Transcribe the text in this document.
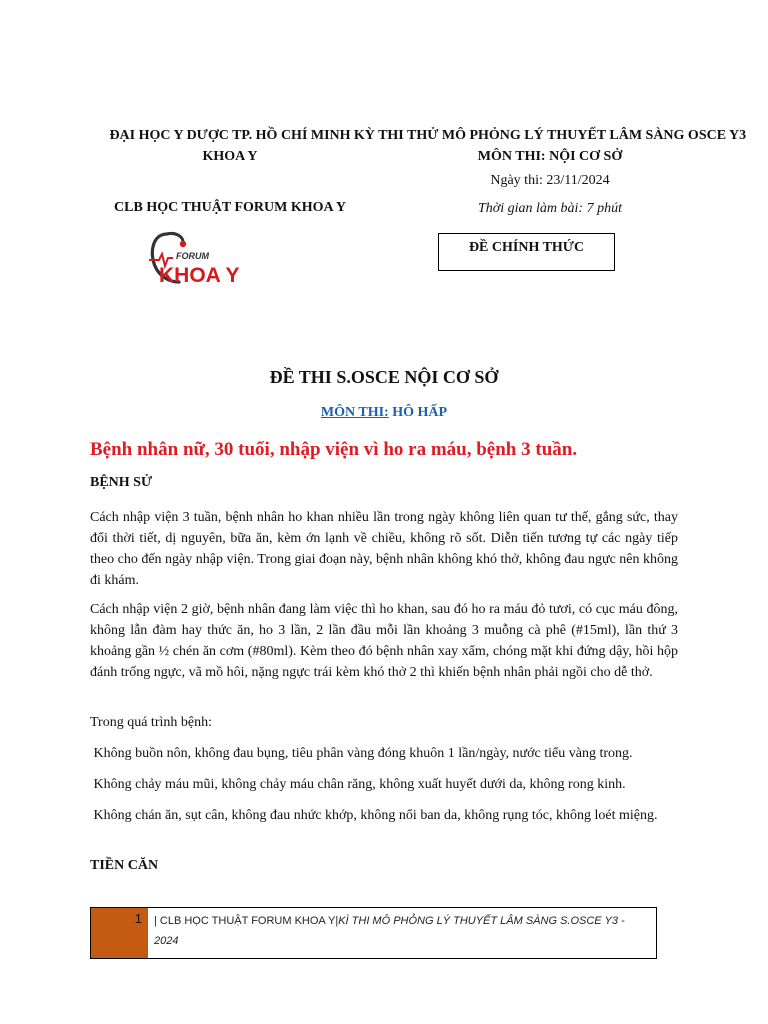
ĐẠI HỌC Y DƯỢC TP. HỒ CHÍ MINH
KHOA Y
CLB HỌC THUẬT FORUM KHOA Y
FORUM
KHOA Y
KỲ THI THỬ MÔ PHỎNG LÝ THUYẾT LÂM SÀNG OSCE Y3
MÔN THI: NỘI CƠ SỞ
Ngày thi: 23/11/2024
Thời gian làm bài: 7 phút
ĐỀ CHÍNH THỨC
ĐỀ THI S.OSCE NỘI CƠ SỞ
MÔN THI: HÔ HẤP
Bệnh nhân nữ, 30 tuổi, nhập viện vì ho ra máu, bệnh 3 tuần.
BỆNH SỬ
Cách nhập viện 3 tuần, bệnh nhân ho khan nhiều lần trong ngày không liên quan tư thế, gắng sức, thay đổi thời tiết, dị nguyên, bữa ăn, kèm ớn lạnh về chiều, không rõ sốt. Diễn tiến tương tự các ngày tiếp theo cho đến ngày nhập viện. Trong giai đoạn này, bệnh nhân không khó thở, không đau ngực nên không đi khám.
Cách nhập viện 2 giờ, bệnh nhân đang làm việc thì ho khan, sau đó ho ra máu đỏ tươi, có cục máu đông, không lẫn đàm hay thức ăn, ho 3 lần, 2 lần đầu mỗi lần khoảng 3 muỗng cà phê (#15ml), lần thứ 3 khoảng gần ½ chén ăn cơm (#80ml). Kèm theo đó bệnh nhân xay xẩm, chóng mặt khi đứng dậy, hồi hộp đánh trống ngực, vã mồ hôi, nặng ngực trái kèm khó thở 2 thì khiến bệnh nhân phải ngồi cho dễ thở.
Trong quá trình bệnh:
Không buồn nôn, không đau bụng, tiêu phân vàng đóng khuôn 1 lần/ngày, nước tiểu vàng trong.
Không chảy máu mũi, không chảy máu chân răng, không xuất huyết dưới da, không rong kinh.
Không chán ăn, sụt cân, không đau nhức khớp, không nổi ban da, không rụng tóc, không loét miệng.
TIỀN CĂN
1	| CLB HỌC THUẬT FORUM KHOA Y|KÌ THI MÔ PHỎNG LÝ THUYẾT LÂM SÀNG S.OSCE Y3 - 2024
